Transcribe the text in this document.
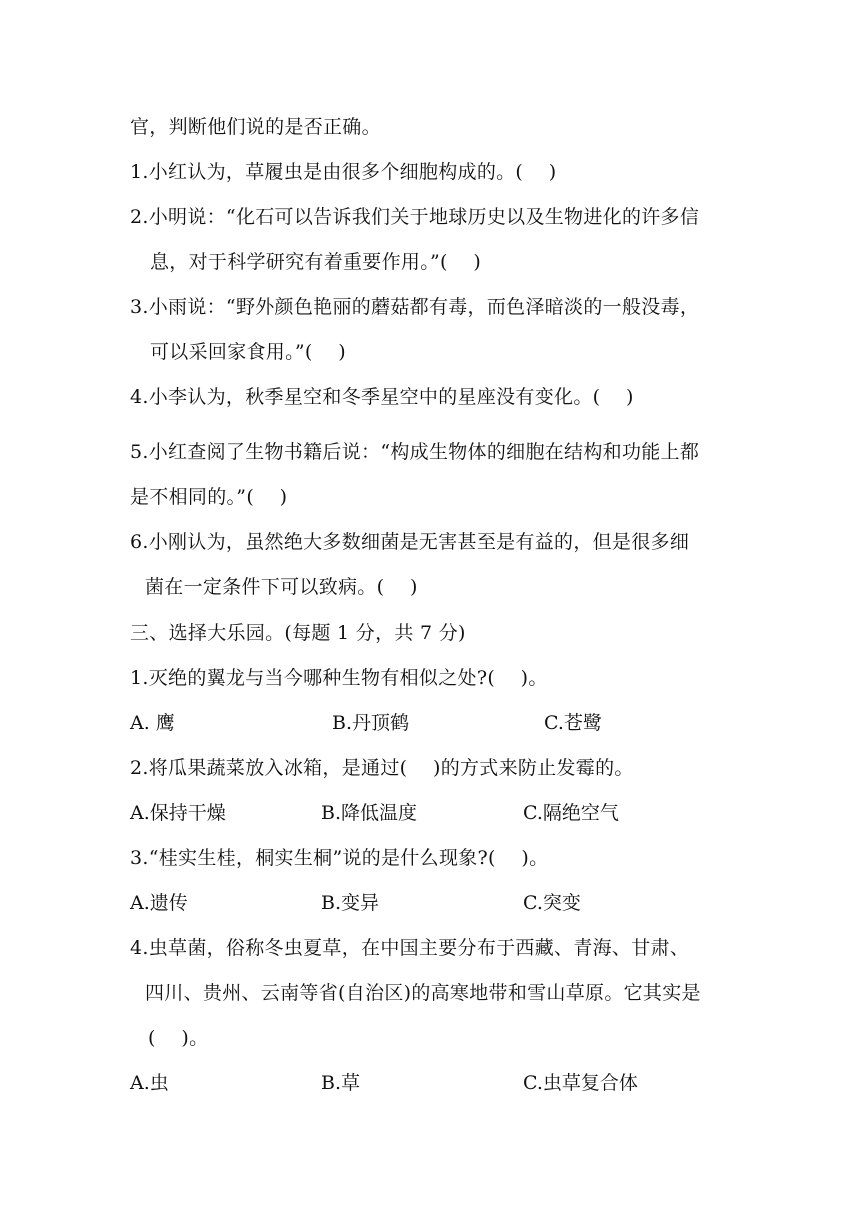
官，判断他们说的是否正确。
1.小红认为，草履虫是由很多个细胞构成的。(　 )
2.小明说：“化石可以告诉我们关于地球历史以及生物进化的许多信
息，对于科学研究有着重要作用。”(　 )
3.小雨说：“野外颜色艳丽的蘑菇都有毒，而色泽暗淡的一般没毒，
可以采回家食用。”(　 )
4.小李认为，秋季星空和冬季星空中的星座没有变化。(　 )
5.小红查阅了生物书籍后说：“构成生物体的细胞在结构和功能上都
是不相同的。”(　 )
6.小刚认为，虽然绝大多数细菌是无害甚至是有益的，但是很多细
菌在一定条件下可以致病。(　 )
三、选择大乐园。(每题 1 分，共 7 分)
1.灭绝的翼龙与当今哪种生物有相似之处?(　 )。
A. 鹰	B.丹顶鹤	C.苍鹭
2.将瓜果蔬菜放入冰箱，是通过(　 )的方式来防止发霉的。
A.保持干燥	B.降低温度	C.隔绝空气
3.“桂实生桂，桐实生桐”说的是什么现象?(　 )。
A.遗传	B.变异	C.突变
4.虫草菌，俗称冬虫夏草，在中国主要分布于西藏、青海、甘肃、
四川、贵州、云南等省(自治区)的高寒地带和雪山草原。它其实是
(　 )。
A.虫	B.草	C.虫草复合体
